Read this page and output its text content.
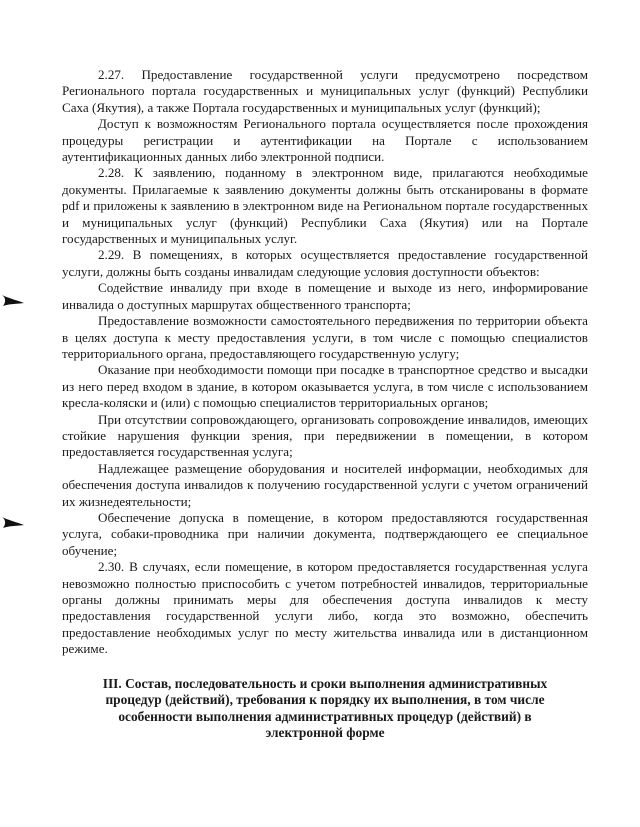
2.27. Предоставление государственной услуги предусмотрено посредством Регионального портала государственных и муниципальных услуг (функций) Республики Саха (Якутия), а также Портала государственных и муниципальных услуг (функций);

Доступ к возможностям Регионального портала осуществляется после прохождения процедуры регистрации и аутентификации на Портале с использованием аутентификационных данных либо электронной подписи.

2.28. К заявлению, поданному в электронном виде, прилагаются необходимые документы. Прилагаемые к заявлению документы должны быть отсканированы в формате pdf и приложены к заявлению в электронном виде на Региональном портале государственных и муниципальных услуг (функций) Республики Саха (Якутия) или на Портале государственных и муниципальных услуг.

2.29. В помещениях, в которых осуществляется предоставление государственной услуги, должны быть созданы инвалидам следующие условия доступности объектов:

Содействие инвалиду при входе в помещение и выходе из него, информирование инвалида о доступных маршрутах общественного транспорта;

Предоставление возможности самостоятельного передвижения по территории объекта в целях доступа к месту предоставления услуги, в том числе с помощью специалистов территориального органа, предоставляющего государственную услугу;

Оказание при необходимости помощи при посадке в транспортное средство и высадки из него перед входом в здание, в котором оказывается услуга, в том числе с использованием кресла-коляски и (или) с помощью специалистов территориальных органов;

При отсутствии сопровождающего, организовать сопровождение инвалидов, имеющих стойкие нарушения функции зрения, при передвижении в помещении, в котором предоставляется государственная услуга;

Надлежащее размещение оборудования и носителей информации, необходимых для обеспечения доступа инвалидов к получению государственной услуги с учетом ограничений их жизнедеятельности;

Обеспечение допуска в помещение, в котором предоставляются государственная услуга, собаки-проводника при наличии документа, подтверждающего ее специальное обучение;

2.30. В случаях, если помещение, в котором предоставляется государственная услуга невозможно полностью приспособить с учетом потребностей инвалидов, территориальные органы должны принимать меры для обеспечения доступа инвалидов к месту предоставления государственной услуги либо, когда это возможно, обеспечить предоставление необходимых услуг по месту жительства инвалида или в дистанционном режиме.

III. Состав, последовательность и сроки выполнения административных процедур (действий), требования к порядку их выполнения, в том числе особенности выполнения административных процедур (действий) в электронной форме
